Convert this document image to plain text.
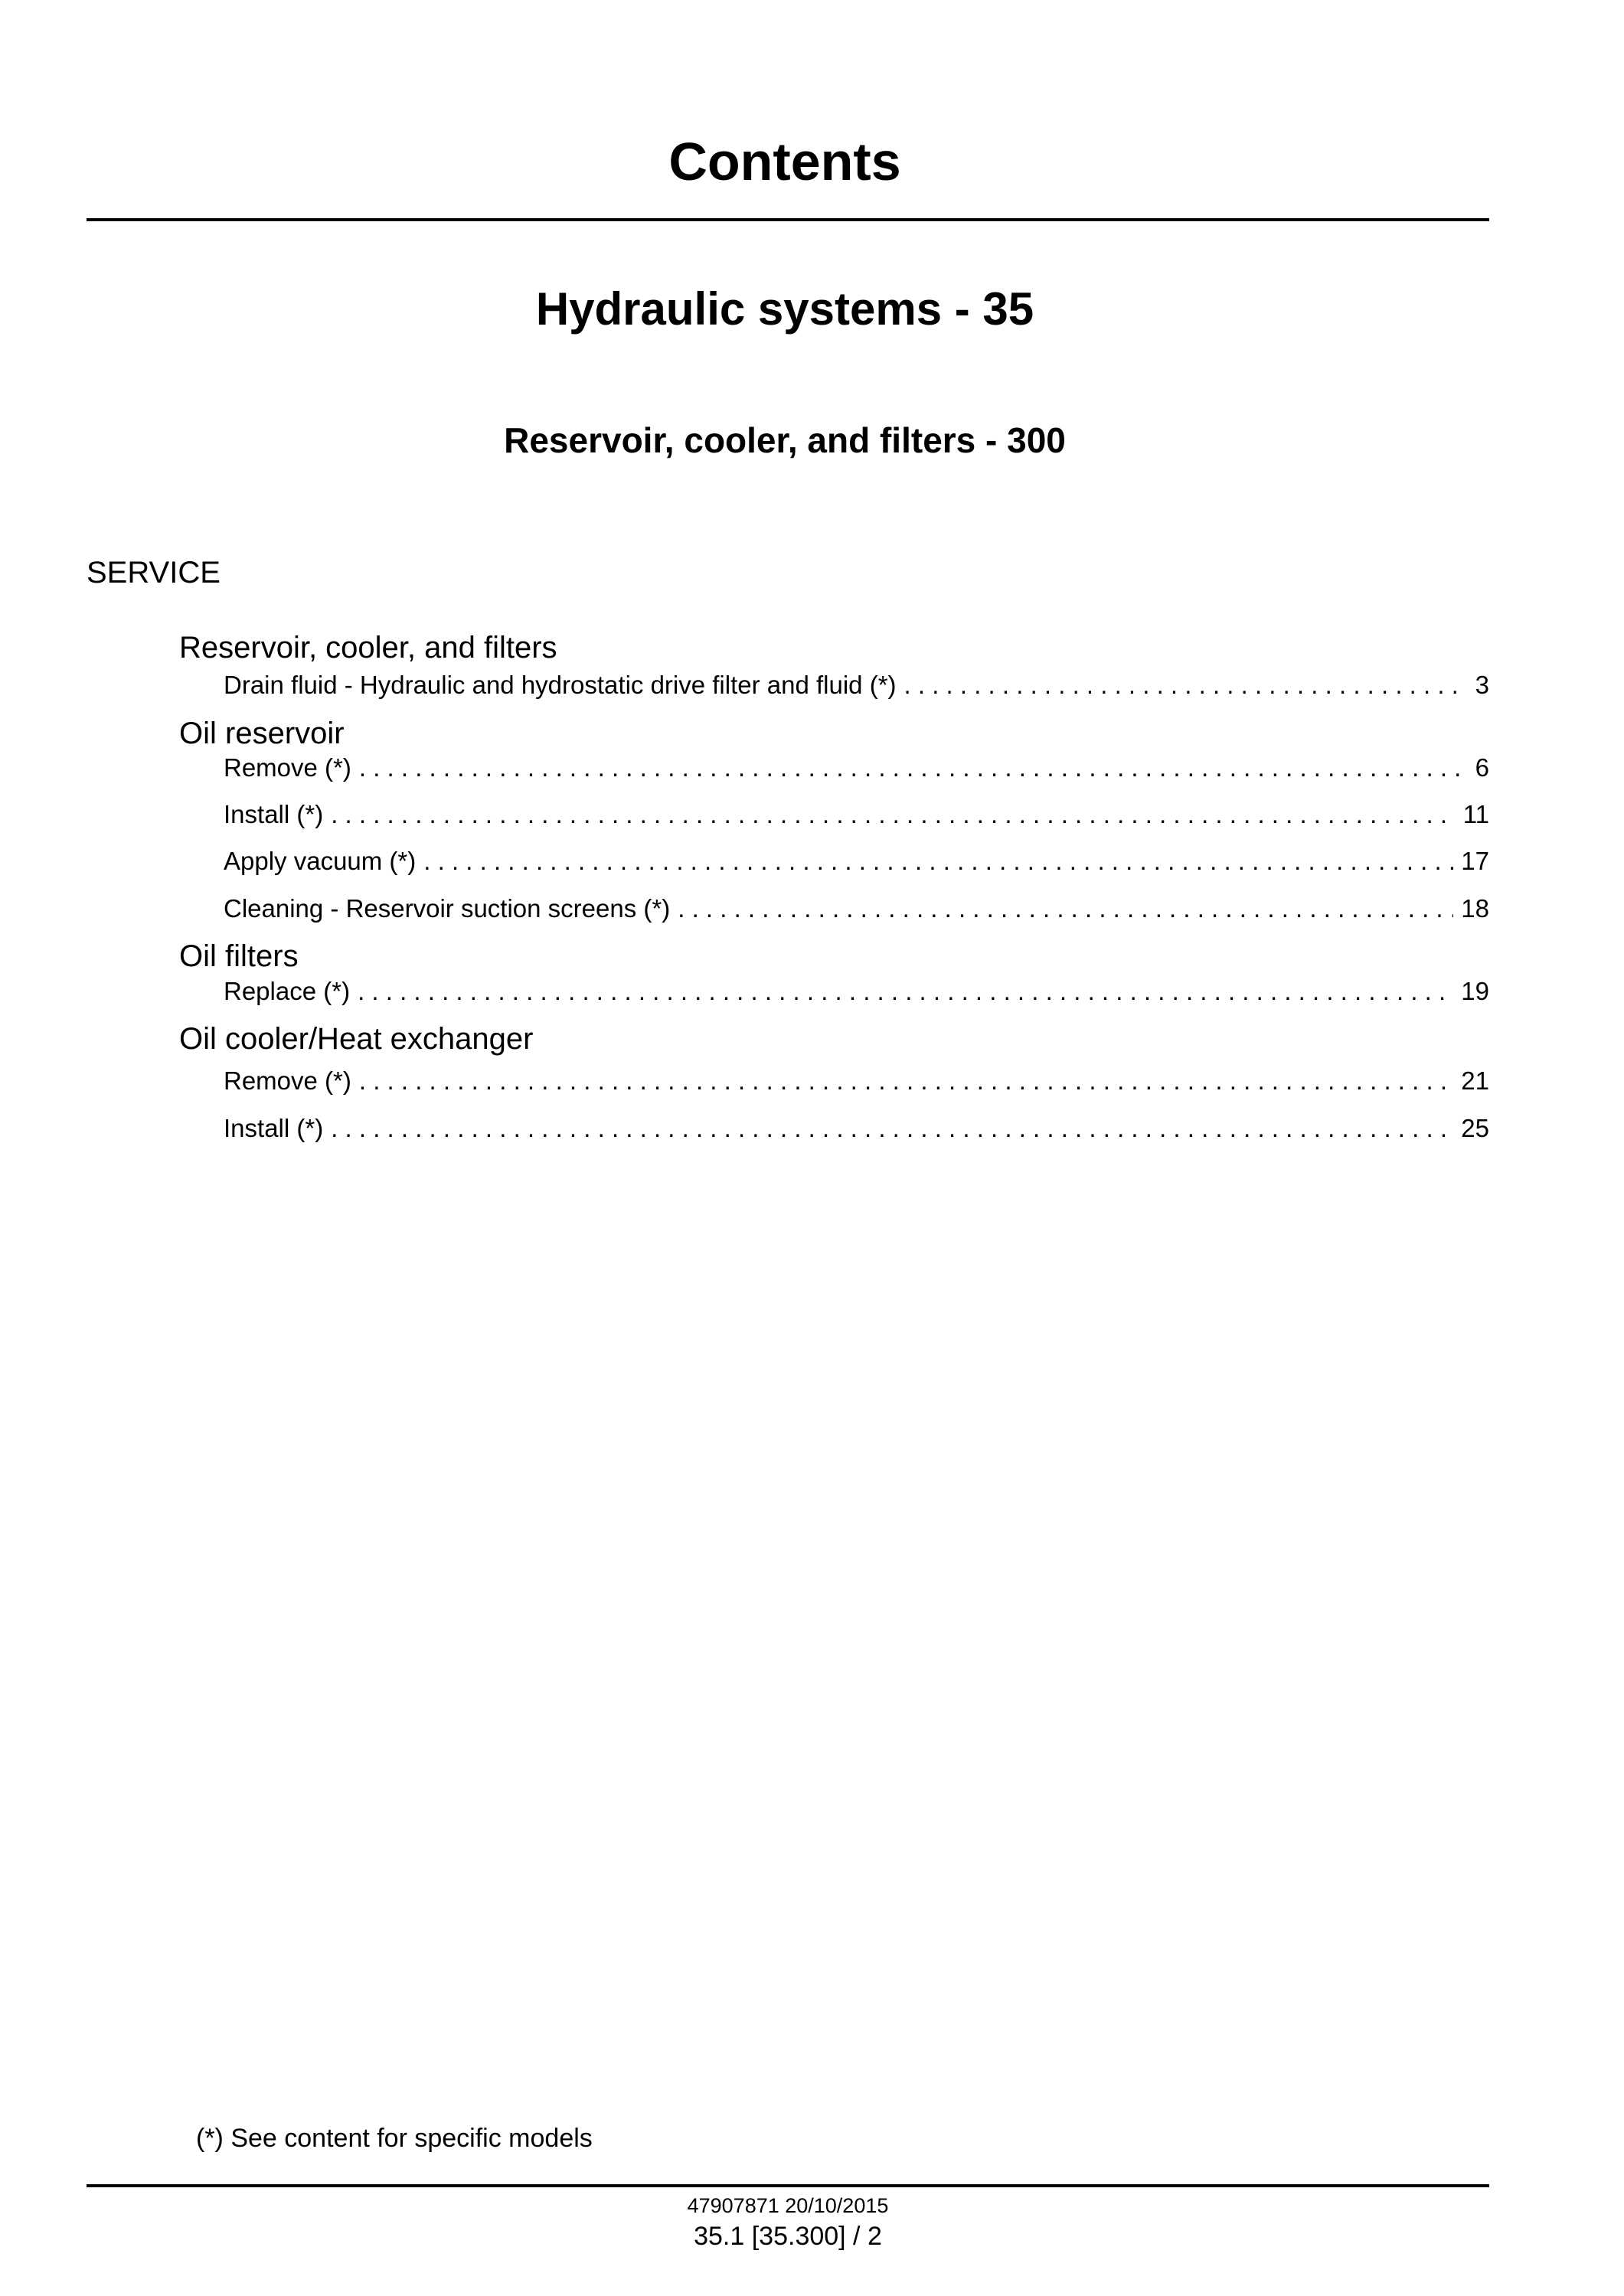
Contents
Hydraulic systems - 35
Reservoir, cooler, and filters - 300
SERVICE
Reservoir, cooler, and filters
Drain fluid - Hydraulic and hydrostatic drive filter and fluid (*) . . .	3
Oil reservoir
Remove (*) . . .	6
Install (*) . . .	11
Apply vacuum (*) . . .	17
Cleaning - Reservoir suction screens (*) . . .	18
Oil filters
Replace (*) . . .	19
Oil cooler/Heat exchanger
Remove (*) . . .	21
Install (*) . . .	25
(*) See content for specific models
47907871 20/10/2015
35.1 [35.300] / 2
